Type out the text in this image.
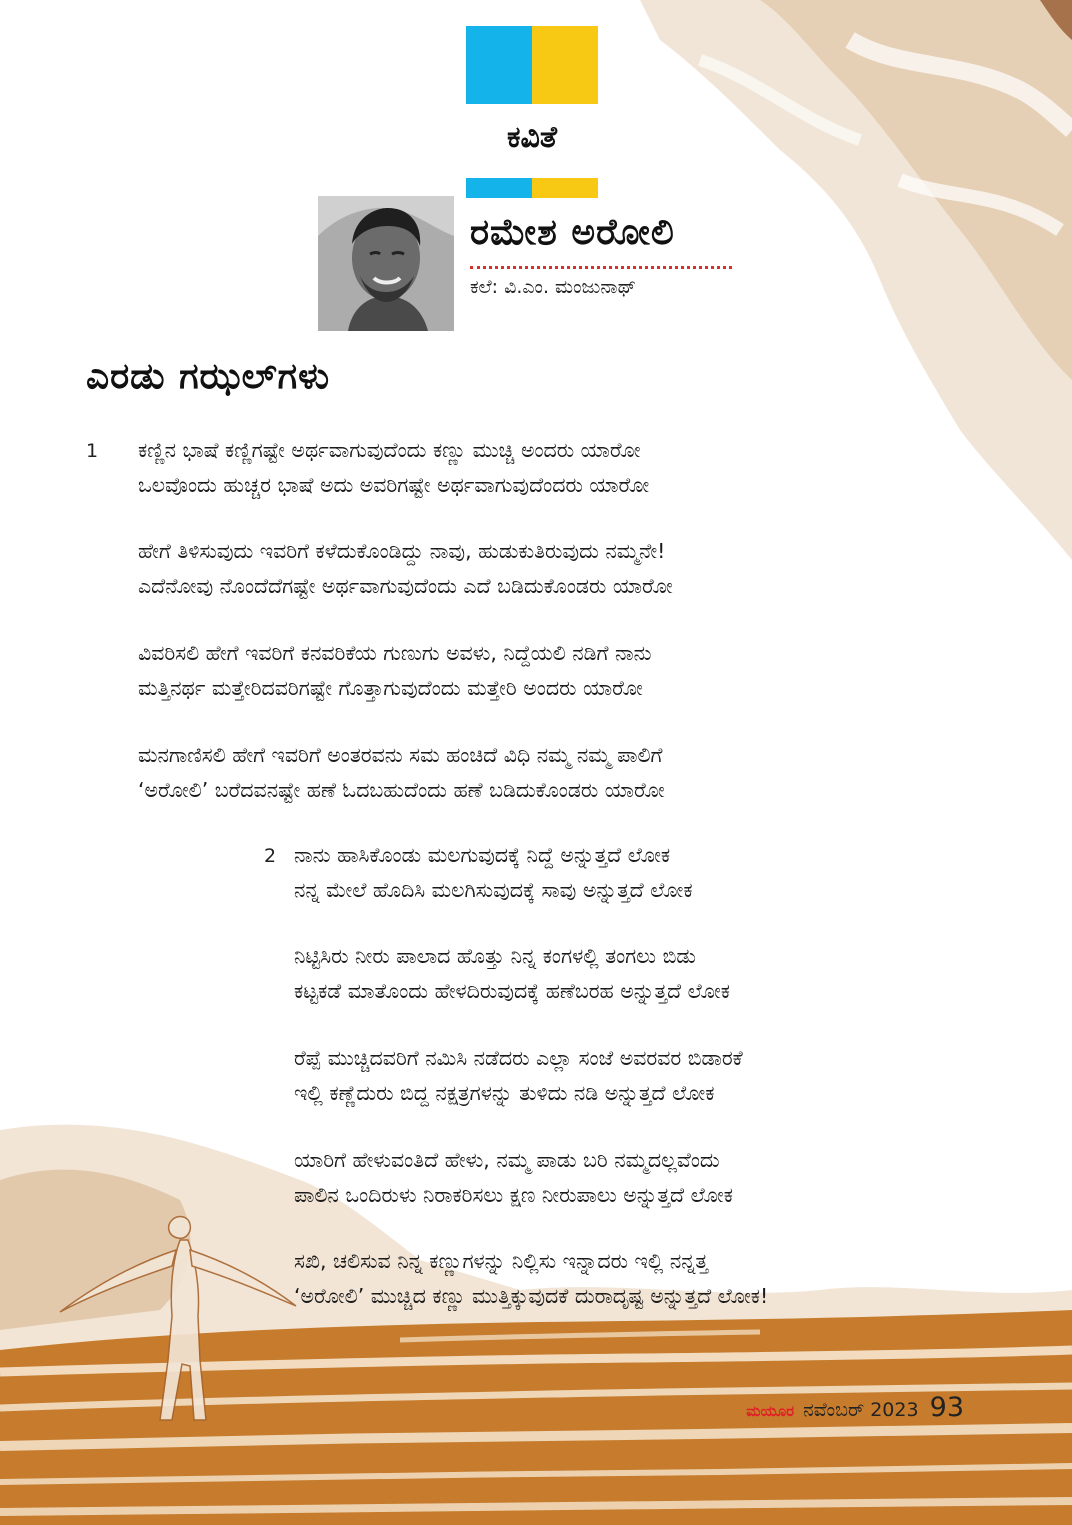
ಕವಿತೆ
ರಮೇಶ ಅರೋಲಿ
ಕಲೆ: ವಿ.ಎಂ. ಮಂಜುನಾಥ್
ಎರಡು ಗಝಲ್‌ಗಳು
1 ಕಣ್ಣಿನ ಭಾಷೆ ಕಣ್ಣಿಗಷ್ಟೇ ಅರ್ಥವಾಗುವುದೆಂದು ಕಣ್ಣು ಮುಚ್ಚಿ ಅಂದರು ಯಾರೋ
ಒಲವೊಂದು ಹುಚ್ಚರ ಭಾಷೆ ಅದು ಅವರಿಗಷ್ಟೇ ಅರ್ಥವಾಗುವುದೆಂದರು ಯಾರೋ
ಹೇಗೆ ತಿಳಿಸುವುದು ಇವರಿಗೆ ಕಳೆದುಕೊಂಡಿದ್ದು ನಾವು, ಹುಡುಕುತಿರುವುದು ನಮ್ಮನೇ!
ಎದೆನೋವು ನೊಂದೆದೆಗಷ್ಟೇ ಅರ್ಥವಾಗುವುದೆಂದು ಎದೆ ಬಡಿದುಕೊಂಡರು ಯಾರೋ
ವಿವರಿಸಲಿ ಹೇಗೆ ಇವರಿಗೆ ಕನವರಿಕೆಯ ಗುಣುಗು ಅವಳು, ನಿದ್ದೆಯಲಿ ನಡಿಗೆ ನಾನು
ಮತ್ತಿನರ್ಥ ಮತ್ತೇರಿದವರಿಗಷ್ಟೇ ಗೊತ್ತಾಗುವುದೆಂದು ಮತ್ತೇರಿ ಅಂದರು ಯಾರೋ
ಮನಗಾಣಿಸಲಿ ಹೇಗೆ ಇವರಿಗೆ ಅಂತರವನು ಸಮ ಹಂಚಿದೆ ವಿಧಿ ನಮ್ಮ ನಮ್ಮ ಪಾಲಿಗೆ
‘ಅರೋಲಿ’ ಬರೆದವನಷ್ಟೇ ಹಣೆ ಓದಬಹುದೆಂದು ಹಣೆ ಬಡಿದುಕೊಂಡರು ಯಾರೋ
2 ನಾನು ಹಾಸಿಕೊಂಡು ಮಲಗುವುದಕ್ಕೆ ನಿದ್ದೆ ಅನ್ನುತ್ತದೆ ಲೋಕ
ನನ್ನ ಮೇಲೆ ಹೊದಿಸಿ ಮಲಗಿಸುವುದಕ್ಕೆ ಸಾವು ಅನ್ನುತ್ತದೆ ಲೋಕ
ನಿಟ್ಟಿಸಿರು ನೀರು ಪಾಲಾದ ಹೊತ್ತು ನಿನ್ನ ಕಂಗಳಲ್ಲಿ ತಂಗಲು ಬಿಡು
ಕಟ್ಟಕಡೆ ಮಾತೊಂದು ಹೇಳದಿರುವುದಕ್ಕೆ ಹಣೆಬರಹ ಅನ್ನುತ್ತದೆ ಲೋಕ
ರೆಪ್ಪೆ ಮುಚ್ಚಿದವರಿಗೆ ನಮಿಸಿ ನಡೆದರು ಎಲ್ಲಾ ಸಂಜೆ ಅವರವರ ಬಿಡಾರಕೆ
ಇಲ್ಲಿ ಕಣ್ಣೆದುರು ಬಿದ್ದ ನಕ್ಷತ್ರಗಳನ್ನು ತುಳಿದು ನಡಿ ಅನ್ನುತ್ತದೆ ಲೋಕ
ಯಾರಿಗೆ ಹೇಳುವಂತಿದೆ ಹೇಳು, ನಮ್ಮ ಪಾಡು ಬರಿ ನಮ್ಮದಲ್ಲವೆಂದು
ಪಾಲಿನ ಒಂದಿರುಳು ನಿರಾಕರಿಸಲು ಕ್ಷಣ ನೀರುಪಾಲು ಅನ್ನುತ್ತದೆ ಲೋಕ
ಸಖಿ, ಚಲಿಸುವ ನಿನ್ನ ಕಣ್ಣುಗಳನ್ನು ನಿಲ್ಲಿಸು ಇನ್ನಾದರು ಇಲ್ಲಿ ನನ್ನತ್ತ
‘ಅರೋಲಿ’ ಮುಚ್ಚಿದ ಕಣ್ಣು ಮುತ್ತಿಕ್ಕುವುದಕೆ ದುರಾದೃಷ್ಟ ಅನ್ನುತ್ತದೆ ಲೋಕ!
ಮಯೂರ ನವೆಂಬರ್ 2023 93
